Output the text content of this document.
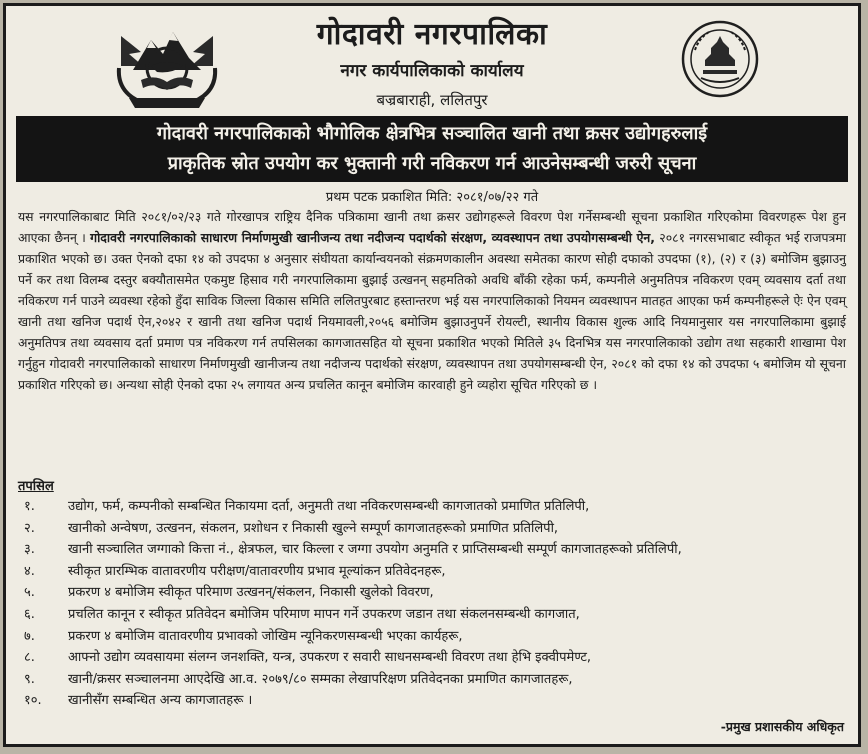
गोदावरी नगरपालिका
नगर कार्यपालिकाको कार्यालय
बज्रबाराही, ललितपुर
गोदावरी नगरपालिकाको भौगोलिक क्षेत्रभित्र सञ्चालित खानी तथा क्रसर उद्योगहरुलाई
प्राकृतिक स्रोत उपयोग कर भुक्तानी गरी नविकरण गर्न आउनेसम्बन्धी जरुरी सूचना
प्रथम पटक प्रकाशित मिति: २०८१/०७/२२ गते
यस नगरपालिकाबाट मिति २०८१/०२/२३ गते गोरखापत्र राष्ट्रिय दैनिक पत्रिकामा खानी तथा क्रसर उद्योगहरूले विवरण पेश गर्नेसम्बन्धी सूचना प्रकाशित गरिएकोमा विवरणहरू पेश हुन आएका छैनन् । गोदावरी नगरपालिकाको साधारण निर्माणमुखी खानीजन्य तथा नदीजन्य पदार्थको संरक्षण, व्यवस्थापन तथा उपयोगसम्बन्धी ऐन, २०८१ नगरसभाबाट स्वीकृत भई राजपत्रमा प्रकाशित भएको छ। उक्त ऐनको दफा १४ को उपदफा ४ अनुसार संघीयता कार्यान्वयनको संक्रमणकालीन अवस्था समेतका कारण सोही दफाको उपदफा (१), (२) र (३) बमोजिम बुझाउनु पर्ने कर तथा विलम्ब दस्तुर बक्यौतासमेत एकमुष्ट हिसाव गरी नगरपालिकामा बुझाई उत्खनन् सहमतिको अवधि बाँकी रहेका फर्म, कम्पनीले अनुमतिपत्र नविकरण एवम् व्यवसाय दर्ता तथा नविकरण गर्न पाउने व्यवस्था रहेको हुँदा साविक जिल्ला विकास समिति ललितपुरबाट हस्तान्तरण भई यस नगरपालिकाको नियमन व्यवस्थापन मातहत आएका फर्म कम्पनीहरूले ऐः ऐन एवम् खानी तथा खनिज पदार्थ ऐन,२०४२ र खानी तथा खनिज पदार्थ नियमावली,२०५६ बमोजिम बुझाउनुपर्ने रोयल्टी, स्थानीय विकास शुल्क आदि नियमानुसार यस नगरपालिकामा बुझाई अनुमतिपत्र तथा व्यवसाय दर्ता प्रमाण पत्र नविकरण गर्न तपसिलका कागजातसहित यो सूचना प्रकाशित भएको मितिले ३५ दिनभित्र यस नगरपालिकाको उद्योग तथा सहकारी शाखामा पेश गर्नुहुन गोदावरी नगरपालिकाको साधारण निर्माणमुखी खानीजन्य तथा नदीजन्य पदार्थको संरक्षण, व्यवस्थापन तथा उपयोगसम्बन्धी ऐन, २०८१ को दफा १४ को उपदफा ५ बमोजिम यो सूचना प्रकाशित गरिएको छ। अन्यथा सोही ऐनको दफा २५ लगायत अन्य प्रचलित कानून बमोजिम कारवाही हुने व्यहोरा सूचित गरिएको छ ।
तपसिल
१.	उद्योग, फर्म, कम्पनीको सम्बन्धित निकायमा दर्ता, अनुमती तथा नविकरणसम्बन्धी कागजातको प्रमाणित प्रतिलिपी,
२.	खानीको अन्वेषण, उत्खनन, संकलन, प्रशोधन र निकासी खुल्ने सम्पूर्ण कागजातहरूको प्रमाणित प्रतिलिपी,
३.	खानी सञ्चालित जग्गाको कित्ता नं., क्षेत्रफल, चार किल्ला र जग्गा उपयोग अनुमति र प्राप्तिसम्बन्धी सम्पूर्ण कागजातहरूको प्रतिलिपी,
४.	स्वीकृत प्रारम्भिक वातावरणीय परीक्षण/वातावरणीय प्रभाव मूल्यांकन प्रतिवेदनहरू,
५.	प्रकरण ४ बमोजिम स्वीकृत परिमाण उत्खनन्/संकलन, निकासी खुलेको विवरण,
६.	प्रचलित कानून र स्वीकृत प्रतिवेदन बमोजिम परिमाण मापन गर्ने उपकरण जडान तथा संकलनसम्बन्धी कागजात,
७.	प्रकरण ४ बमोजिम वातावरणीय प्रभावको जोखिम न्यूनिकरणसम्बन्धी भएका कार्यहरू,
८.	आफ्नो उद्योग व्यवसायमा संलग्न जनशक्ति, यन्त्र, उपकरण र सवारी साधनसम्बन्धी विवरण तथा हेभि इक्वीपमेण्ट,
९.	खानी/क्रसर सञ्चालनमा आएदेखि आ.व. २०७९/८० सम्मका लेखापरिक्षण प्रतिवेदनका प्रमाणित कागजातहरू,
१०.	खानीसँग सम्बन्धित अन्य कागजातहरू ।
-प्रमुख प्रशासकीय अधिकृत
